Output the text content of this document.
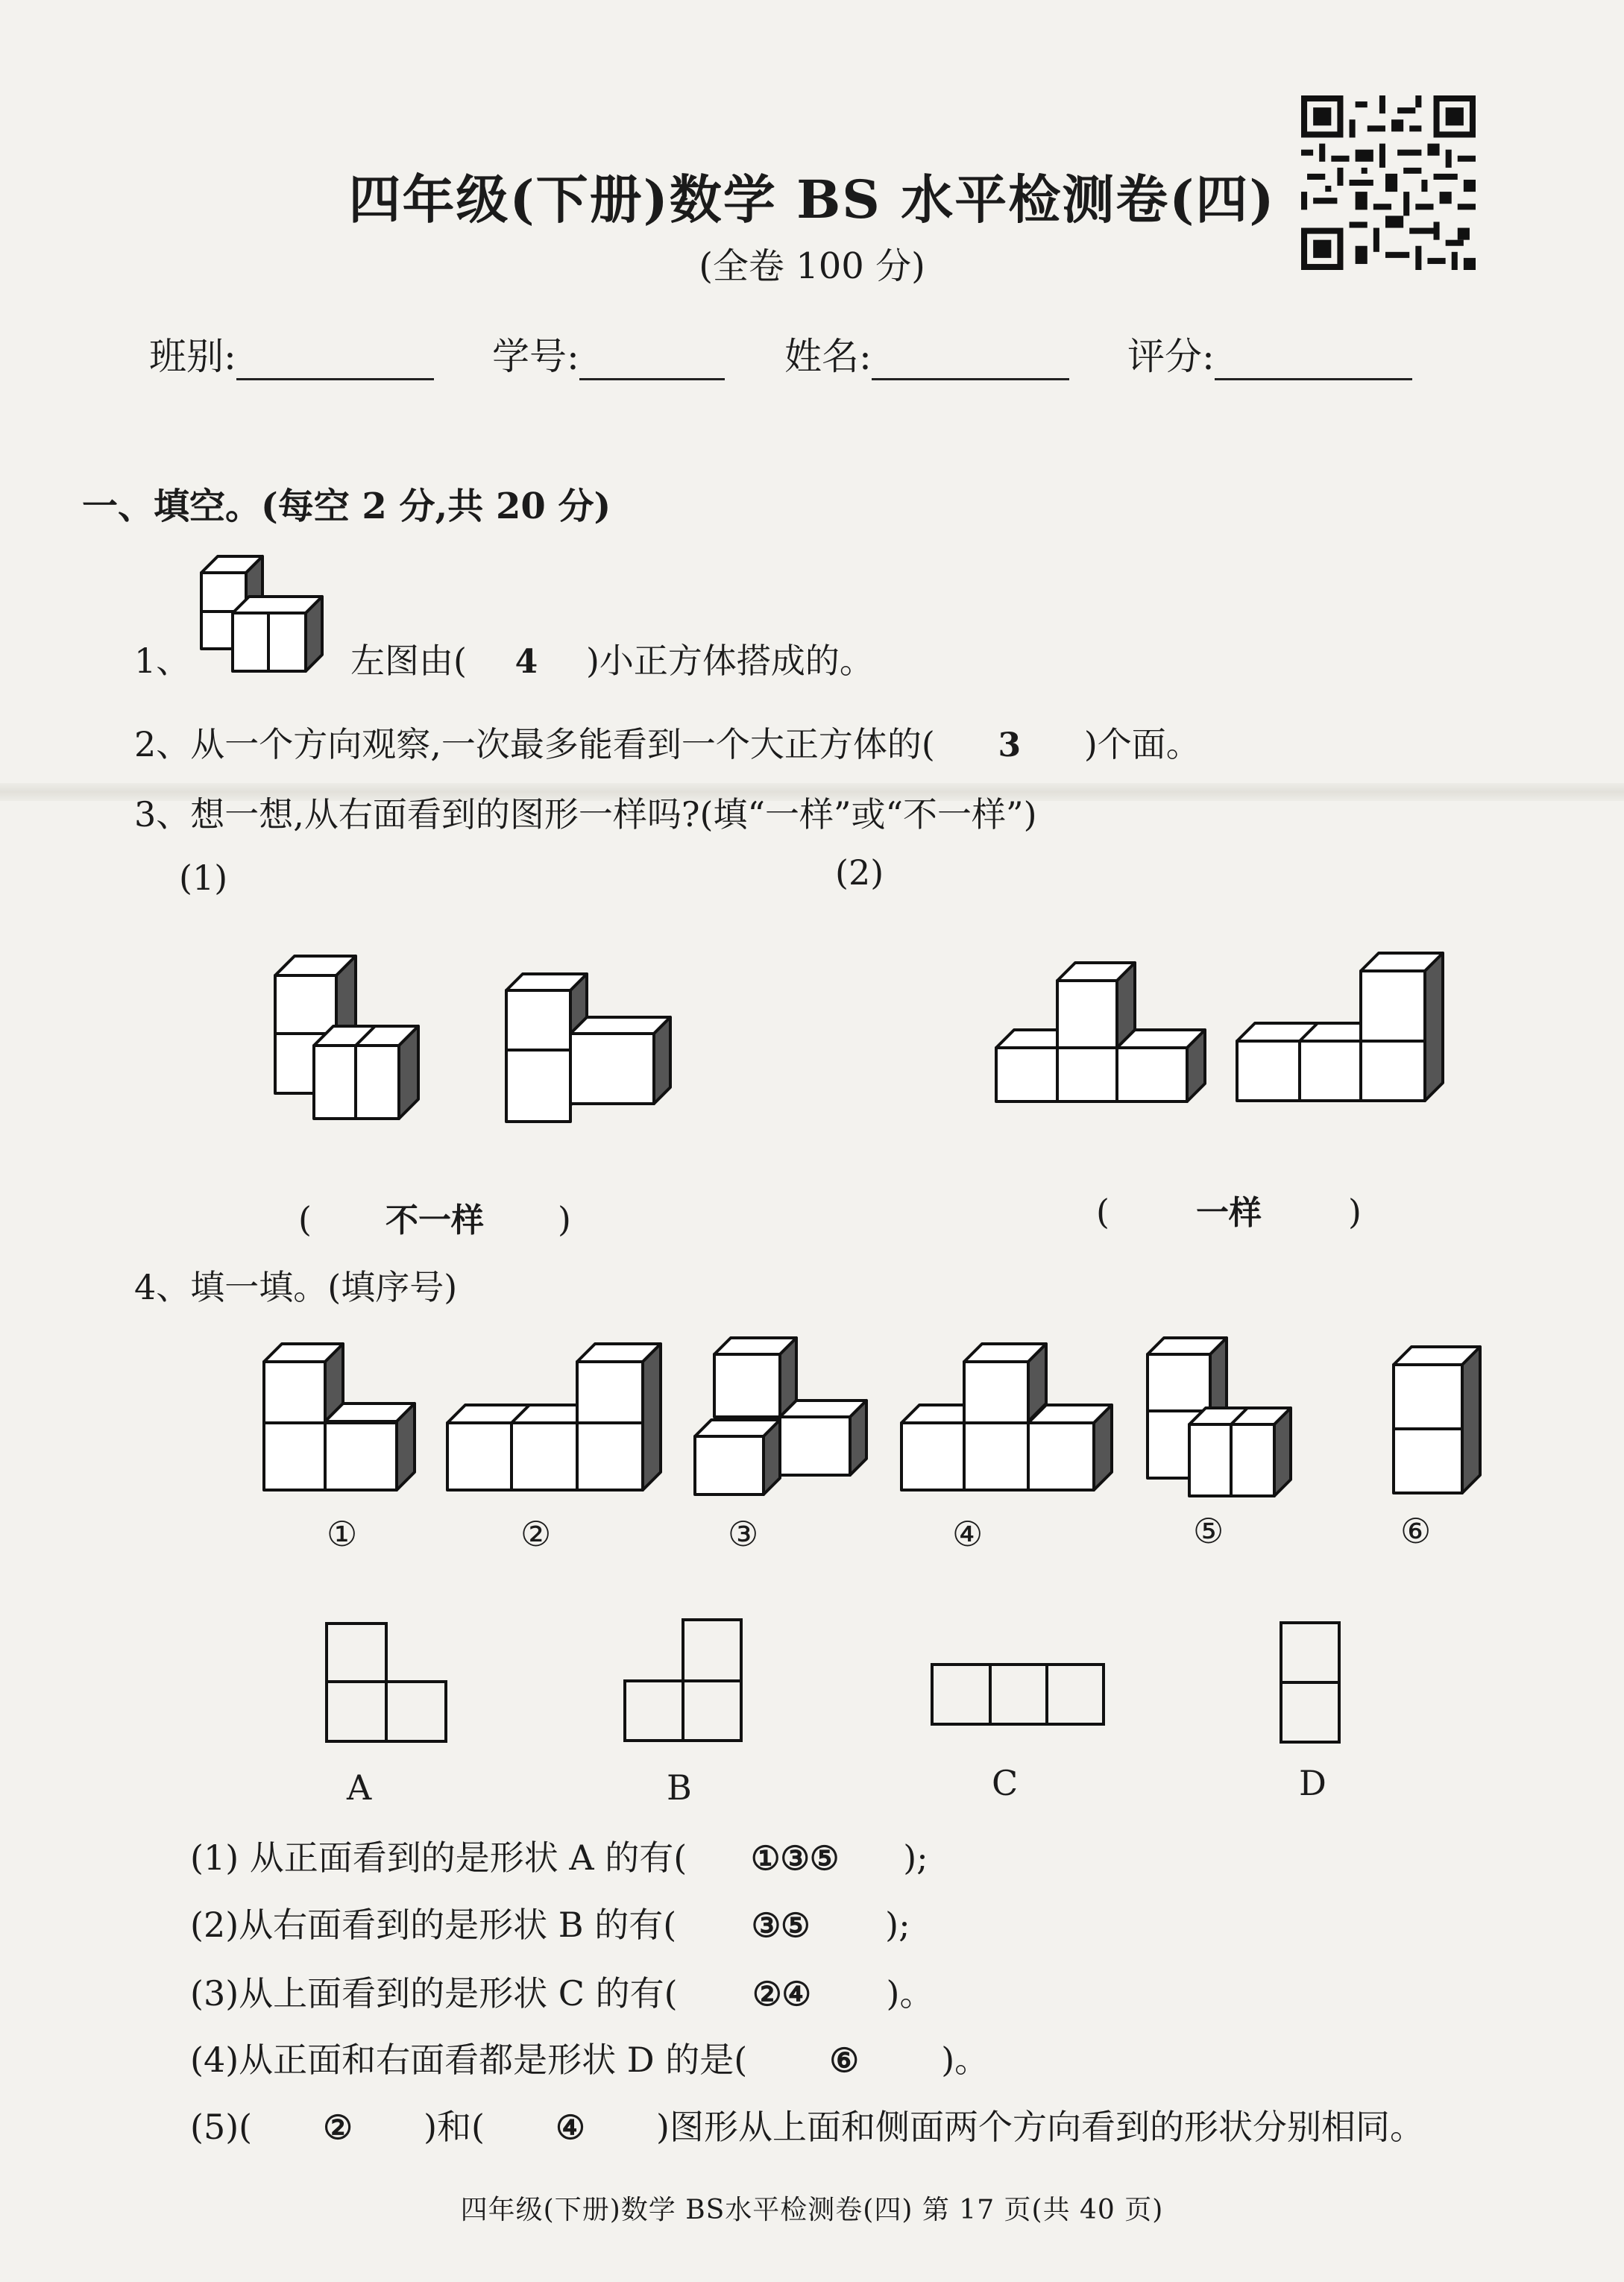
四年级(下册)数学 BS 水平检测卷(四)
(全卷 100 分)
班别:	学号:	姓名:	评分:
一、填空。(每空 2 分,共 20 分)
1、	左图由( 4 )小正方体搭成的。
2、从一个方向观察,一次最多能看到一个大正方体的( 3 )个面。
3、想一想,从右面看到的图形一样吗?(填“一样”或“不一样”)
(1)	(2)
( 不一样 )	(	一样	)
4、填一填。(填序号)
①	②	③	④	⑤	⑥
A	B	C	D
(1) 从正面看到的是形状 A 的有( ①③⑤ );
(2)从右面看到的是形状 B 的有( ③⑤ );
(3)从上面看到的是形状 C 的有( ②④ )。
(4)从正面和右面看都是形状 D 的是(	⑥ )。
(5)( ② )和( ④ )图形从上面和侧面两个方向看到的形状分别相同。
四年级(下册)数学 BS水平检测卷(四) 第 17 页(共 40 页)
